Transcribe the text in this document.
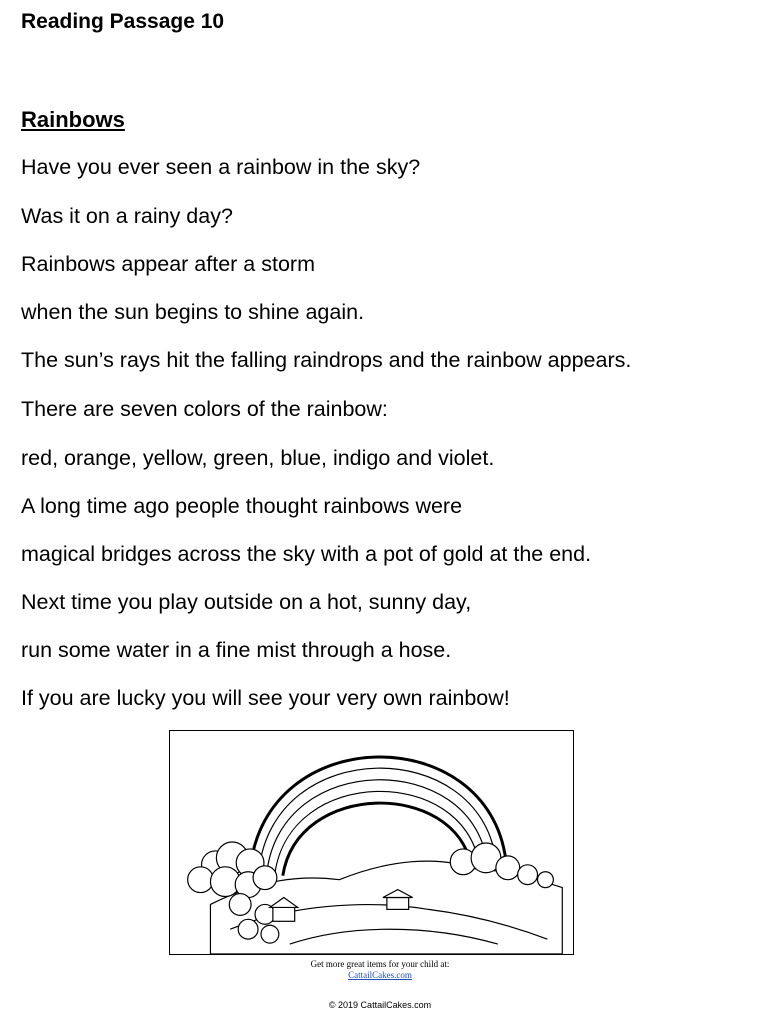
Reading Passage 10
Rainbows

Have you ever seen a rainbow in the sky?

Was it on a rainy day?

Rainbows appear after a storm

when the sun begins to shine again.

The sun’s rays hit the falling raindrops and the rainbow appears.

There are seven colors of the rainbow:

red, orange, yellow, green, blue, indigo and violet.

A long time ago people thought rainbows were

magical bridges across the sky with a pot of gold at the end.

Next time you play outside on a hot, sunny day,

run some water in a fine mist through a hose.

If you are lucky you will see your very own rainbow!

Get more great items for your child at:

CattailCakes.com

© 2019 CattailCakes.com
